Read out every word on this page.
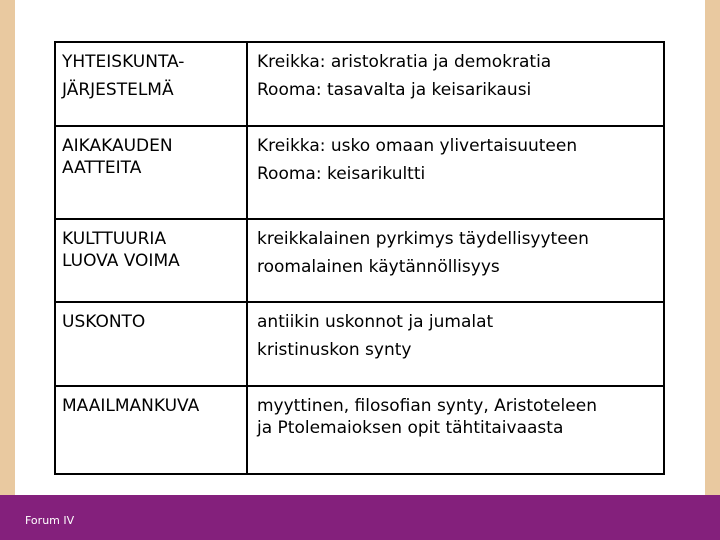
YHTEISKUNTA-
JÄRJESTELMÄ	Kreikka: aristokratia ja demokratia
Rooma: tasavalta ja keisarikausi

AIKAKAUDEN
AATTEITA	Kreikka: usko omaan ylivertaisuuteen
Rooma: keisarikultti

KULTTUURIA
LUOVA VOIMA	kreikkalainen pyrkimys täydellisyyteen
roomalainen käytännöllisyys

USKONTO	antiikin uskonnot ja jumalat
kristinuskon synty

MAAILMANKUVA	myyttinen, filosofian synty, Aristoteleen
ja Ptolemaioksen opit tähtitaivaasta
Forum IV
